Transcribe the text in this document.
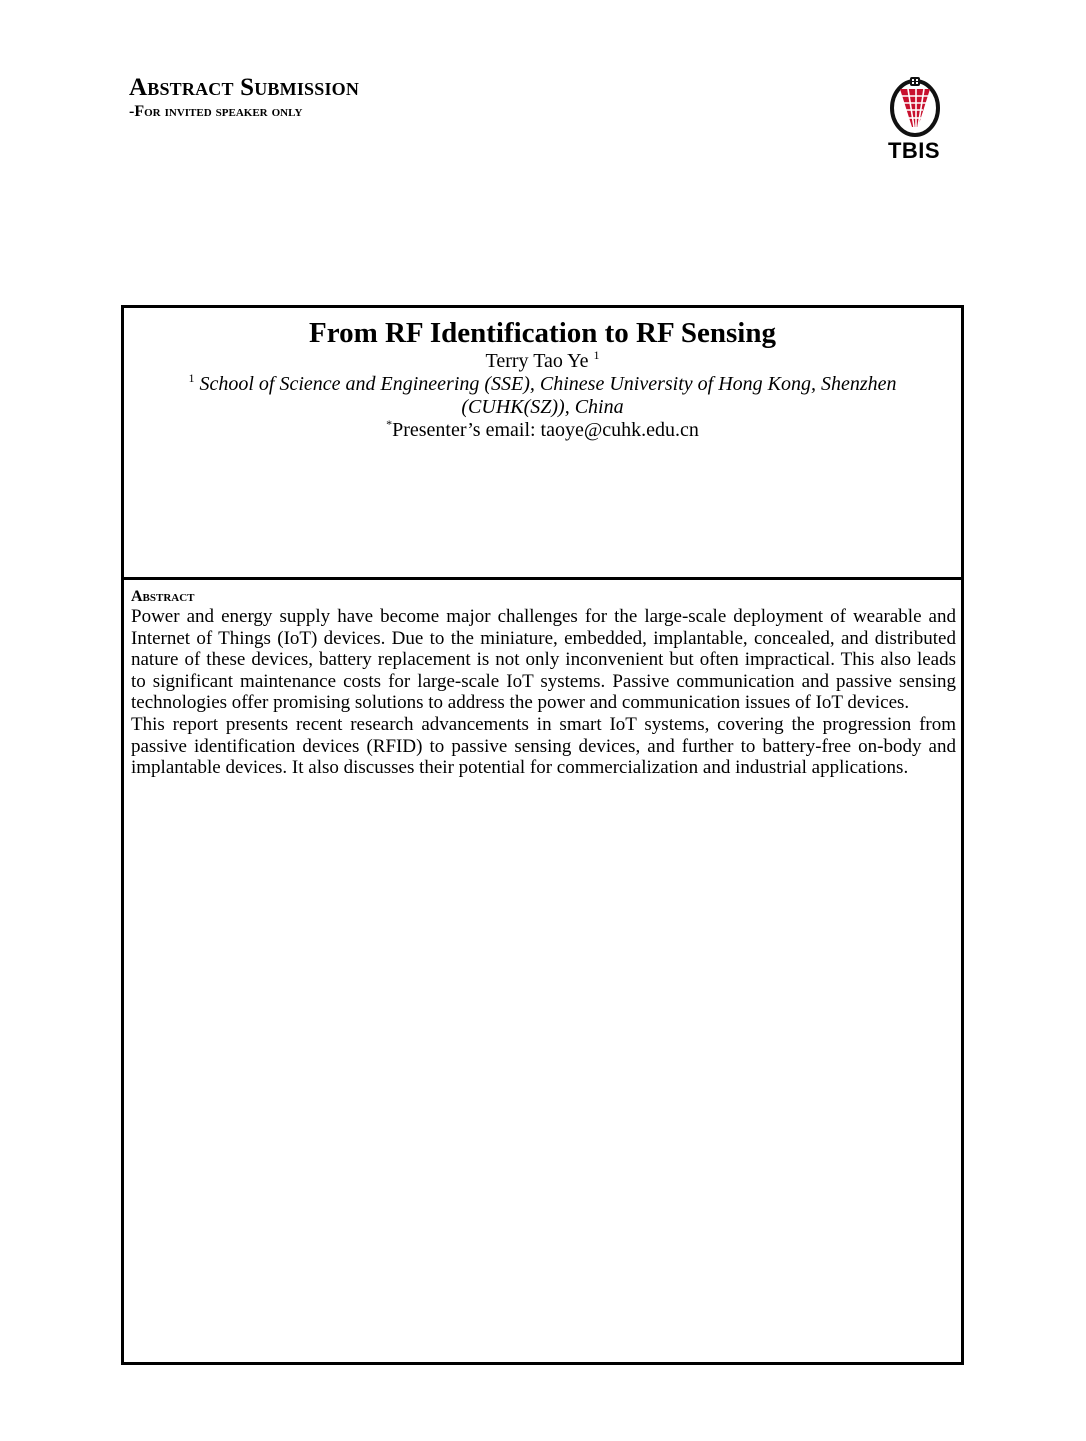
Abstract Submission
-For invited speaker only
TBIS
From RF Identification to RF Sensing
Terry Tao Ye $^1$
$^1$ School of Science and Engineering (SSE), Chinese University of Hong Kong, Shenzhen (CUHK(SZ)), China
*Presenter’s email: taoye@cuhk.edu.cn
Abstract

Power and energy supply have become major challenges for the large-scale deployment of wearable and Internet of Things (IoT) devices. Due to the miniature, embedded, implantable, concealed, and distributed nature of these devices, battery replacement is not only inconvenient but often impractical. This also leads to significant maintenance costs for large-scale IoT systems. Passive communication and passive sensing technologies offer promising solutions to address the power and communication issues of IoT devices.

This report presents recent research advancements in smart IoT systems, covering the progression from passive identification devices (RFID) to passive sensing devices, and further to battery-free on-body and implantable devices. It also discusses their potential for commercialization and industrial applications.
